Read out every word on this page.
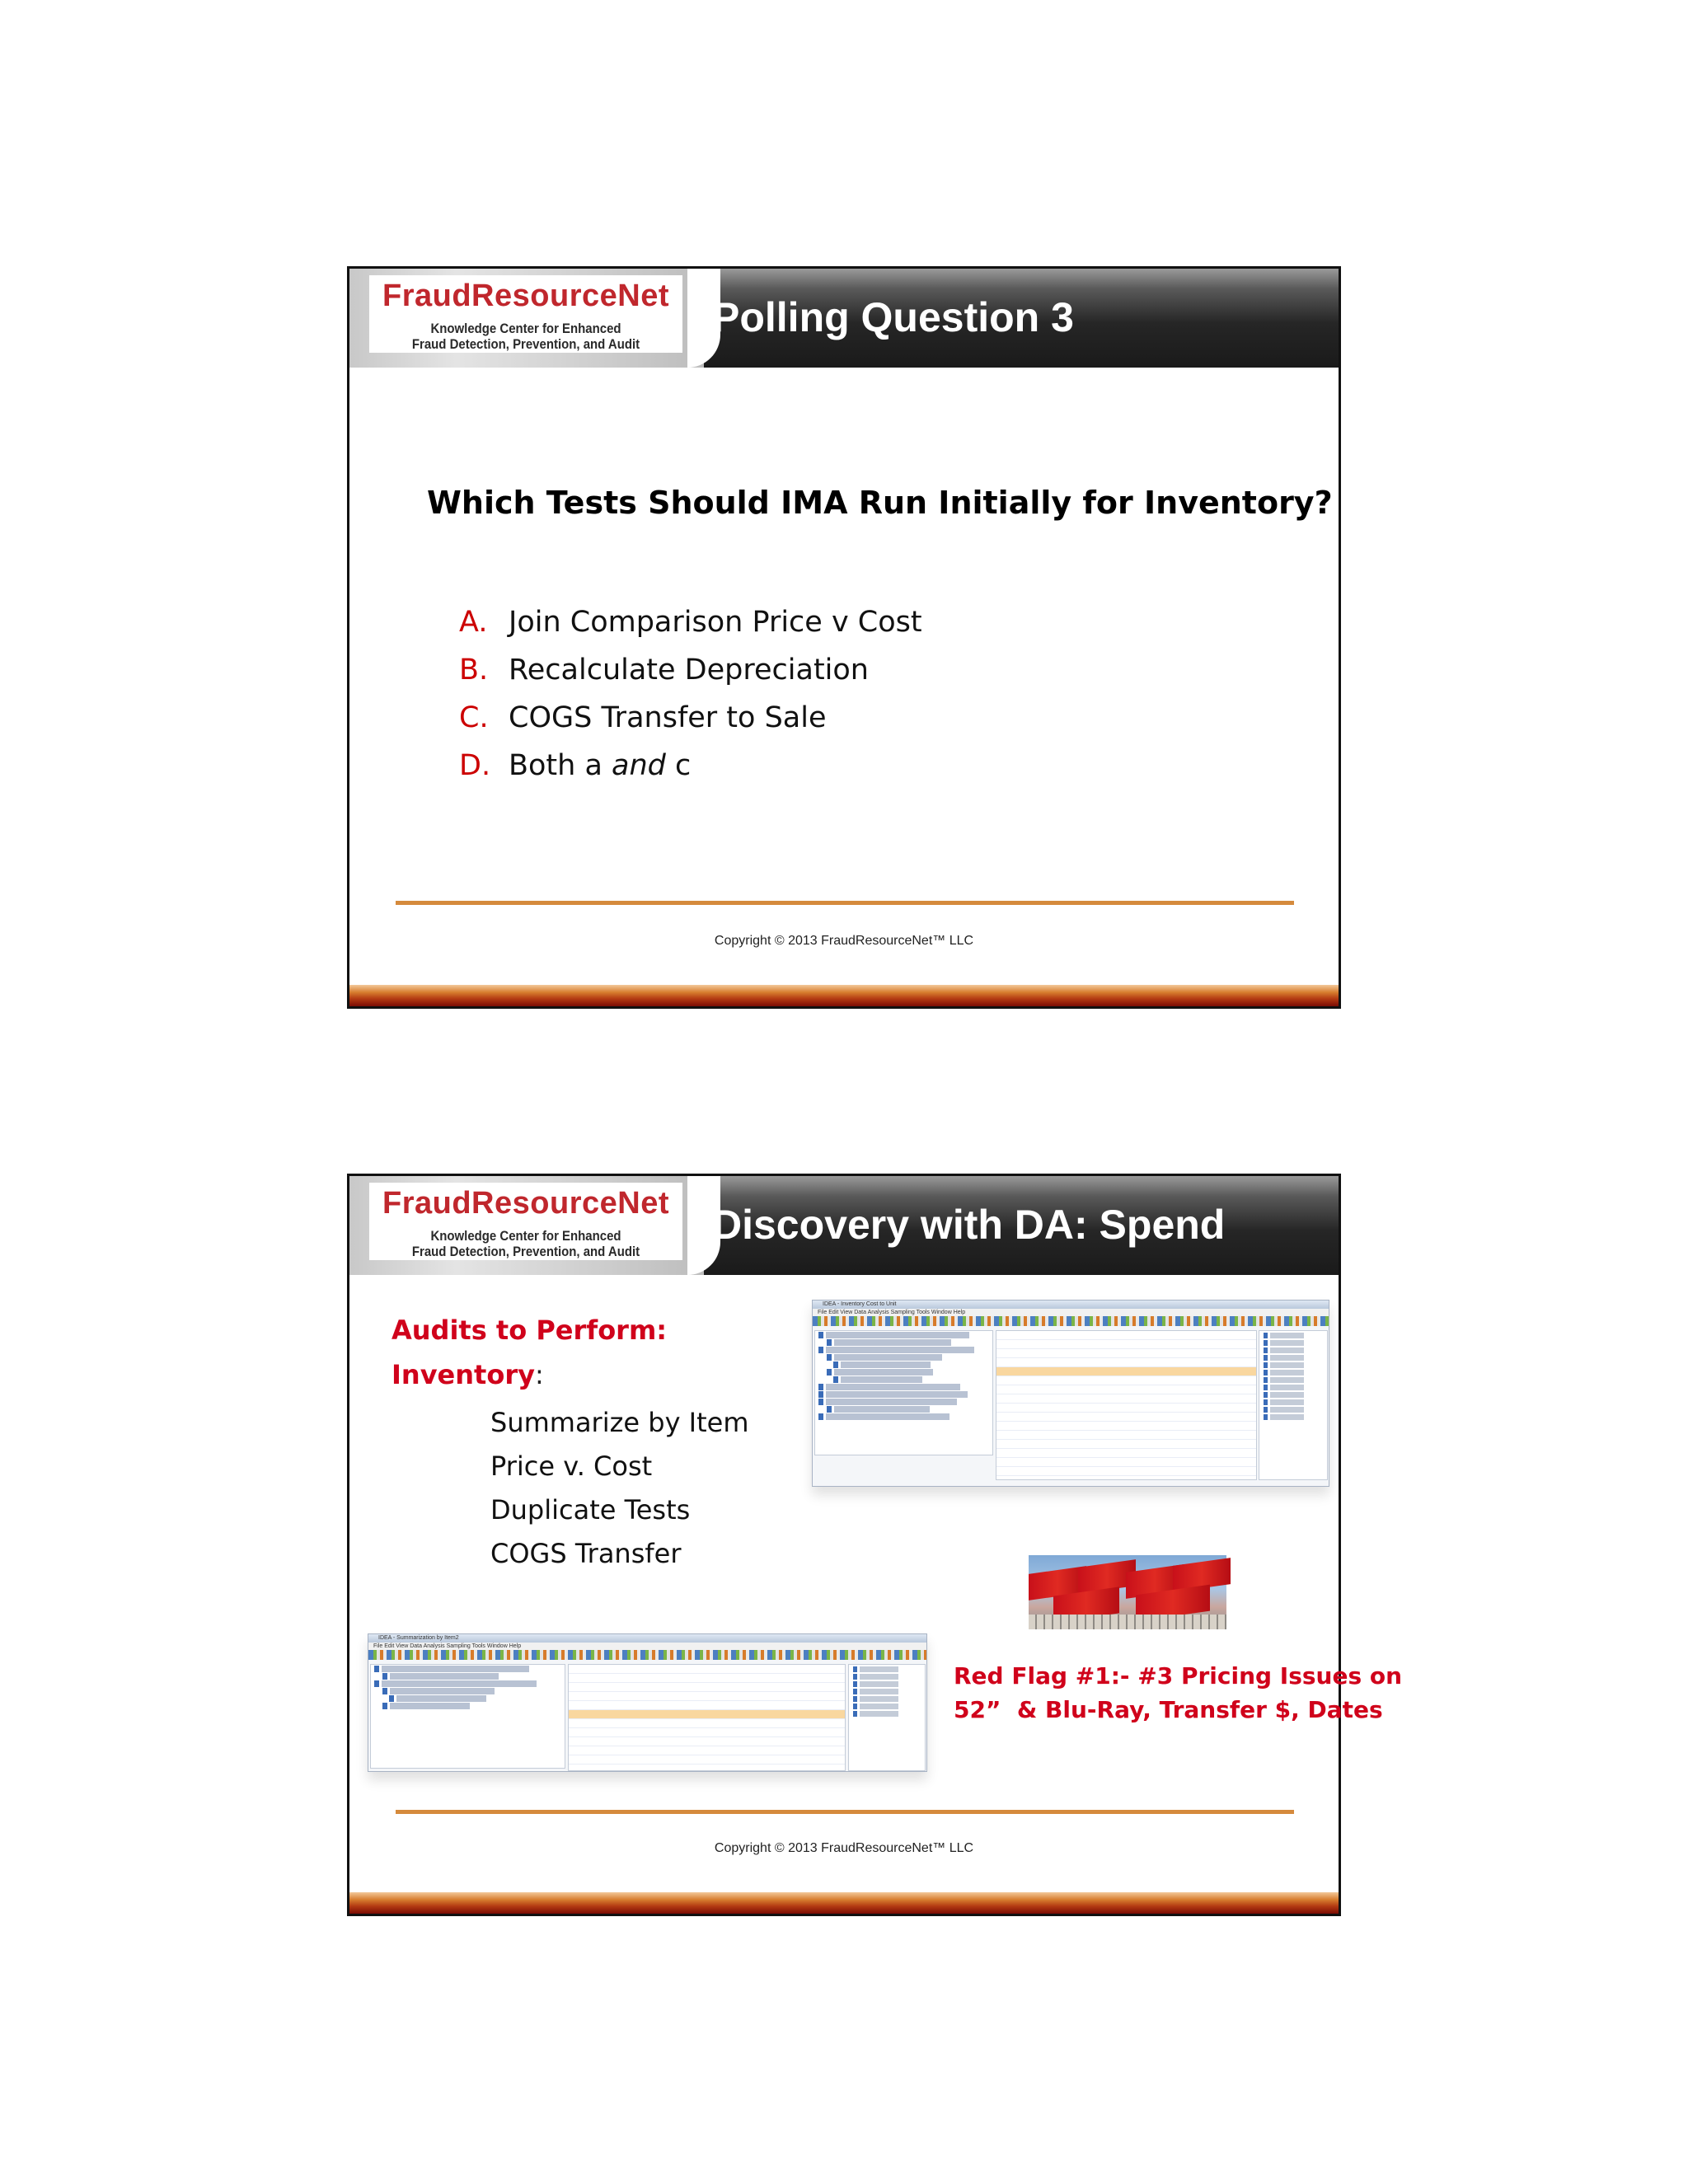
FraudResourceNet
Knowledge Center for Enhanced
Fraud Detection, Prevention, and Audit
Polling Question 3
Which Tests Should IMA Run Initially for Inventory?
A. Join Comparison Price v Cost
B. Recalculate Depreciation
C. COGS Transfer to Sale
D. Both a and c
Copyright © 2013 FraudResourceNet™ LLC
FraudResourceNet
Knowledge Center for Enhanced
Fraud Detection, Prevention, and Audit
Discovery with DA: Spend
Audits to Perform:
Inventory:
Summarize by Item
Price v. Cost
Duplicate Tests
COGS Transfer
IDEA - Inventory Cost to Unit
File Edit View Data Analysis Sampling Tools Window Help
IDEA - Summarization by Item2
File Edit View Data Analysis Sampling Tools Window Help
Red Flag #1:- #3 Pricing Issues on
52”  & Blu-Ray, Transfer $, Dates
Copyright © 2013 FraudResourceNet™ LLC
